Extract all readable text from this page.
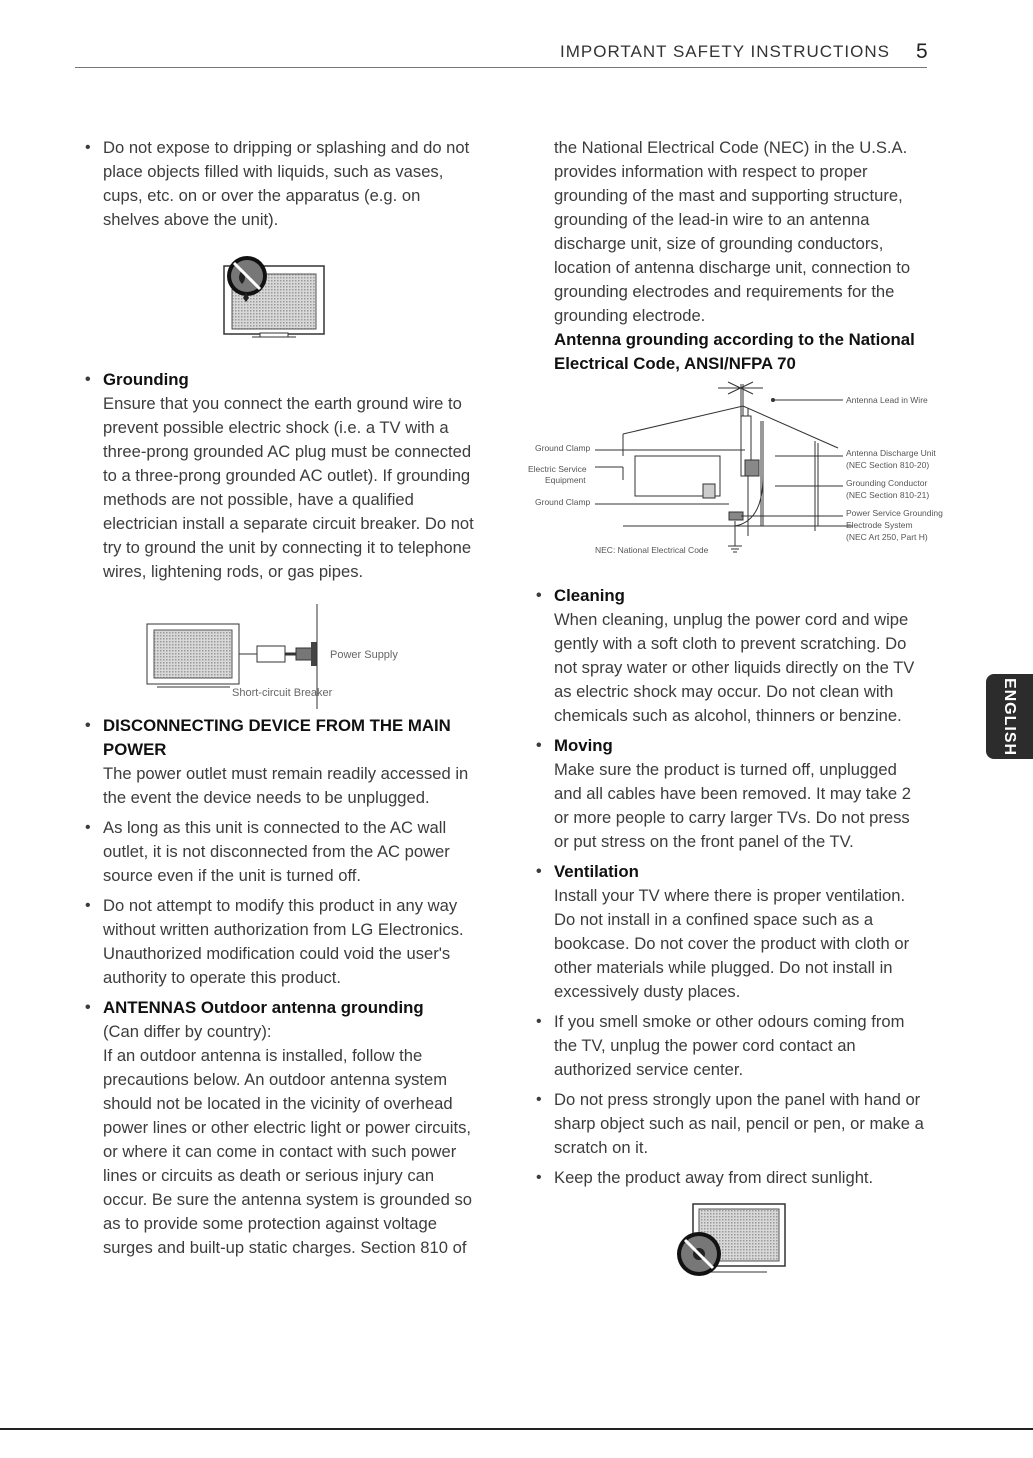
IMPORTANT SAFETY INSTRUCTIONS 5

• Do not expose to dripping or splashing and do not place objects filled with liquids, such as vases, cups, etc. on or over the apparatus (e.g. on shelves above the unit).

• Grounding

Ensure that you connect the earth ground wire to prevent possible electric shock (i.e. a TV with a three-prong grounded AC plug must be connected to a three-prong grounded AC outlet). If grounding methods are not possible, have a qualified electrician install a separate circuit breaker. Do not try to ground the unit by connecting it to telephone wires, lightening rods, or gas pipes.

Power Supply
Short-circuit Breaker

• DISCONNECTING DEVICE FROM THE MAIN POWER

The power outlet must remain readily accessed in the event the device needs to be unplugged.

• As long as this unit is connected to the AC wall outlet, it is not disconnected from the AC power source even if the unit is turned off.

• Do not attempt to modify this product in any way without written authorization from LG Electronics. Unauthorized modification could void the user's authority to operate this product.

• ANTENNAS Outdoor antenna grounding

(Can differ by country):
If an outdoor antenna is installed, follow the precautions below. An outdoor antenna system should not be located in the vicinity of overhead power lines or other electric light or power circuits, or where it can come in contact with such power lines or circuits as death or serious injury can occur. Be sure the antenna system is grounded so as to provide some protection against voltage surges and built-up static charges. Section 810 of

the National Electrical Code (NEC) in the U.S.A. provides information with respect to proper grounding of the mast and supporting structure, grounding of the lead-in wire to an antenna discharge unit, size of grounding conductors, location of antenna discharge unit, connection to grounding electrodes and requirements for the grounding electrode.

Antenna grounding according to the National Electrical Code, ANSI/NFPA 70

Antenna Lead in Wire
Ground Clamp
Electric Service
Equipment
Ground Clamp
Antenna Discharge Unit
(NEC Section 810-20)
Grounding Conductor
(NEC Section 810-21)
Power Service Grounding
Electrode System
(NEC Art 250, Part H)
NEC: National Electrical Code

• Cleaning

When cleaning, unplug the power cord and wipe gently with a soft cloth to prevent scratching. Do not spray water or other liquids directly on the TV as electric shock may occur. Do not clean with chemicals such as alcohol, thinners or benzine.

• Moving

Make sure the product is turned off, unplugged and all cables have been removed. It may take 2 or more people to carry larger TVs. Do not press or put stress on the front panel of the TV.

• Ventilation

Install your TV where there is proper ventilation. Do not install in a confined space such as a bookcase. Do not cover the product with cloth or other materials while plugged. Do not install in excessively dusty places.

• If you smell smoke or other odours coming from the TV, unplug the power cord contact an authorized service center.

• Do not press strongly upon the panel with hand or sharp object such as nail, pencil or pen, or make a scratch on it.

• Keep the product away from direct sunlight.

ENGLISH
